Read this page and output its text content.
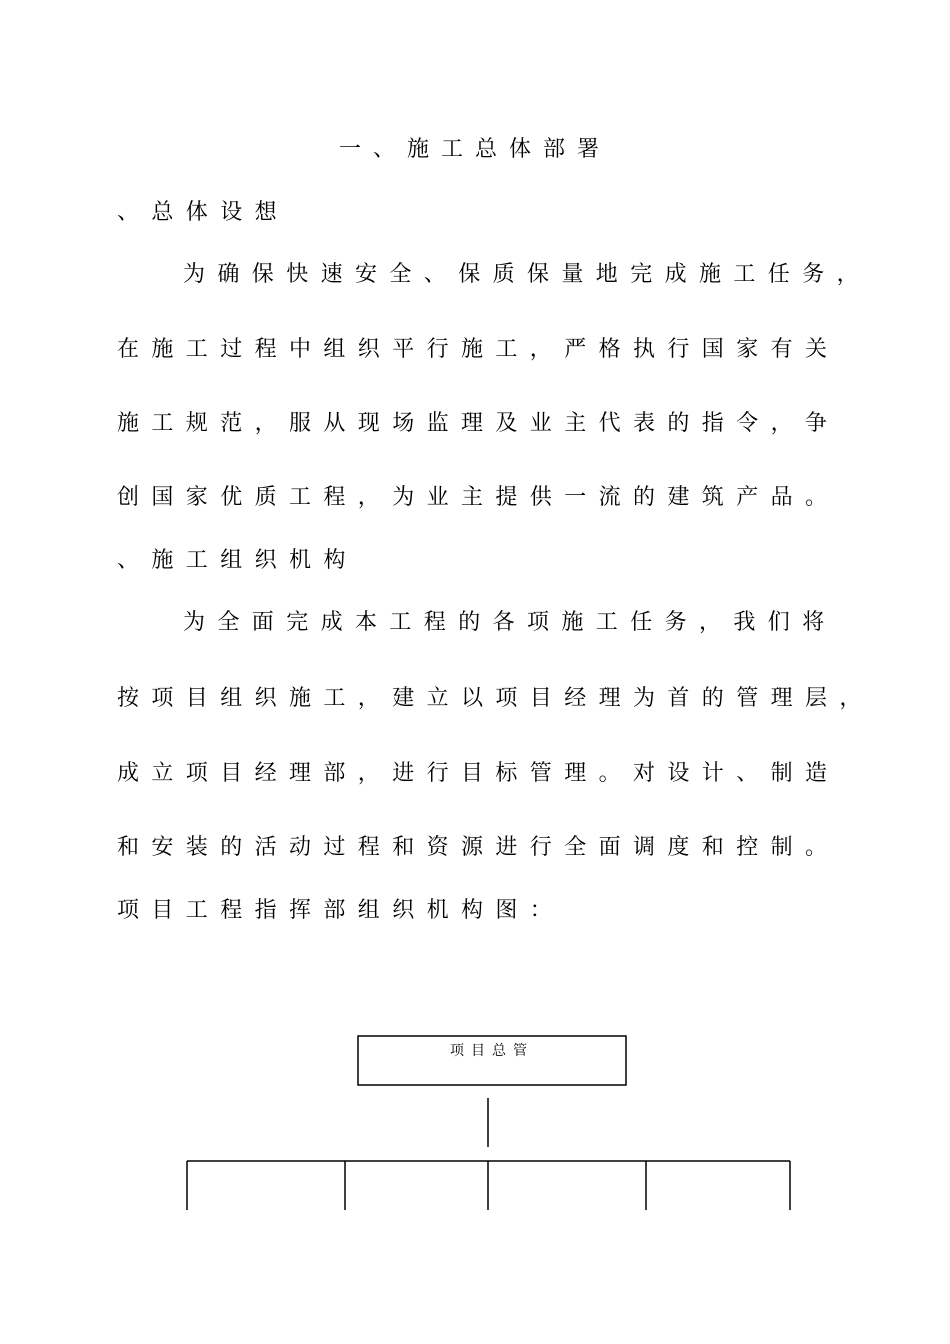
一、施工总体部署
、总体设想
为确保快速安全、保质保量地完成施工任务，
在施工过程中组织平行施工，严格执行国家有关
施工规范，服从现场监理及业主代表的指令，争
创国家优质工程，为业主提供一流的建筑产品。
、施工组织机构
为全面完成本工程的各项施工任务，我们将
按项目组织施工，建立以项目经理为首的管理层，
成立项目经理部，进行目标管理。对设计、制造
和安装的活动过程和资源进行全面调度和控制。
项目工程指挥部组织机构图：
项目总管
